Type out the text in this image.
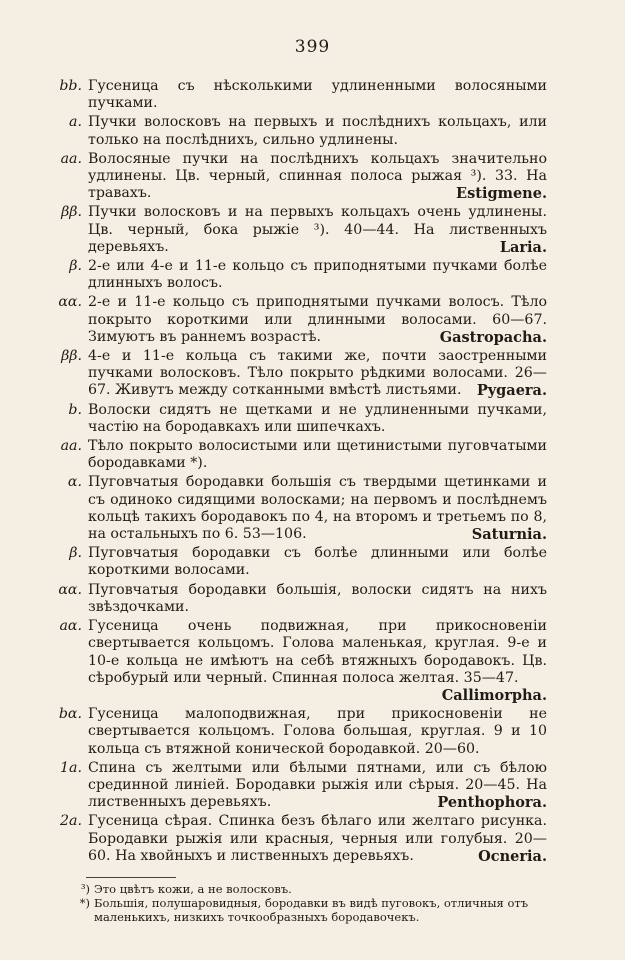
399
bb. Гусеница съ нѣсколькими удлиненными волосяными пучками.
a. Пучки волосковъ на первыхъ и послѣднихъ кольцахъ, или только на послѣднихъ, сильно удлинены.
aa. Волосяные пучки на послѣднихъ кольцахъ значительно удлинены. Цв. черный, спинная полоса рыжая ³). 33. На травахъ.	Estigmene.
ββ. Пучки волосковъ и на первыхъ кольцахъ очень удлинены. Цв. черный, бока рыжіе ³). 40—44. На лиственныхъ деревьяхъ.	Laria.
β. 2-е или 4-е и 11-е кольцо съ приподнятыми пучками болѣе длинныхъ волосъ.
αα. 2-е и 11-е кольцо съ приподнятыми пучками волосъ. Тѣло покрыто короткими или длинными волосами. 60—67. Зимуютъ въ раннемъ возрастѣ.	Gastropacha.
ββ. 4-е и 11-е кольца съ такими же, почти заостренными пучками волосковъ. Тѣло покрыто рѣдкими волосами. 26—67. Живутъ между сотканными вмѣстѣ листьями. Pygaera.
b. Волоски сидятъ не щетками и не удлиненными пучками, частію на бородавкахъ или шипечкахъ.
aa. Тѣло покрыто волосистыми или щетинистыми пуговчатыми бородавками *).
α. Пуговчатыя бородавки большія съ твердыми щетинками и съ одиноко сидящими волосками; на первомъ и послѣднемъ кольцѣ такихъ бородавокъ по 4, на второмъ и третьемъ по 8, на остальныхъ по 6. 53—106.	Saturnia.
β. Пуговчатыя бородавки съ болѣе длинными или болѣе короткими волосами.
αα. Пуговчатыя бородавки большія, волоски сидятъ на нихъ звѣздочками.
aα. Гусеница очень подвижная, при прикосновеніи свертывается кольцомъ. Голова маленькая, круглая. 9-е и 10-е кольца не имѣютъ на себѣ втяжныхъ бородавокъ. Цв. сѣробурый или черный. Спинная полоса желтая. 35—47.
Callimorpha.
bα. Гусеница малоподвижная, при прикосновеніи не свертывается кольцомъ. Голова большая, круглая. 9 и 10 кольца съ втяжной конической бородавкой. 20—60.
1a. Спина съ желтыми или бѣлыми пятнами, или съ бѣлою срединной линіей. Бородавки рыжія или сѣрыя. 20—45. На лиственныхъ деревьяхъ.	Penthophora.
2a. Гусеница сѣрая. Спинка безъ бѣлаго или желтаго рисунка. Бородавки рыжія или красныя, черныя или голубыя. 20—60. На хвойныхъ и лиственныхъ деревьяхъ.	Ocneria.
³) Это цвѣтъ кожи, а не волосковъ.
*) Большія, полушаровидныя, бородавки въ видѣ пуговокъ, отличныя отъ маленькихъ, низкихъ точкообразныхъ бородавочекъ.
